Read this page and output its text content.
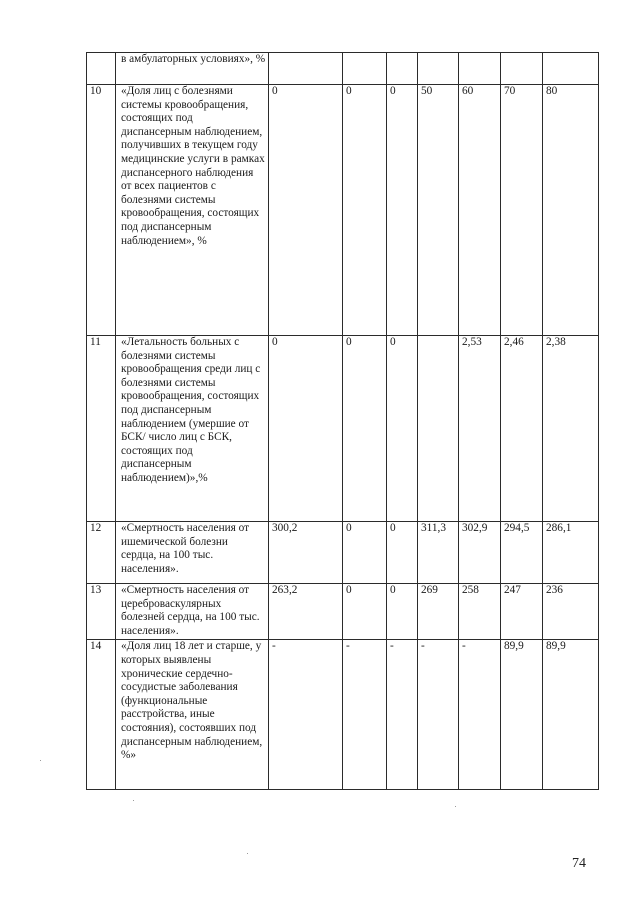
	в амбулаторных условиях», %							
10	«Доля лиц с болезнями системы кровообращения, состоящих под диспансерным наблюдением, получивших в текущем году медицинские услуги в рамках диспансерного наблюдения от всех пациентов с болезнями системы кровообращения, состоящих под диспансерным наблюдением», %	0	0	0	50	60	70	80
11	«Летальность больных с болезнями системы кровообращения среди лиц с болезнями системы кровообращения, состоящих под диспансерным наблюдением (умершие от БСК/ число лиц с БСК, состоящих под диспансерным наблюдением)»,%	0	0	0		2,53	2,46	2,38
12	«Смертность населения от ишемической болезни сердца, на 100 тыс. населения».	300,2	0	0	311,3	302,9	294,5	286,1
13	«Смертность населения от цереброваскулярных болезней сердца, на 100 тыс. населения».	263,2	0	0	269	258	247	236
14	«Доля лиц 18 лет и старше, у которых выявлены хронические сердечно-сосудистые заболевания (функциональные расстройства, иные состояния), состоявших под диспансерным наблюдением, %»	-	-	-	-	-	89,9	89,9
74
